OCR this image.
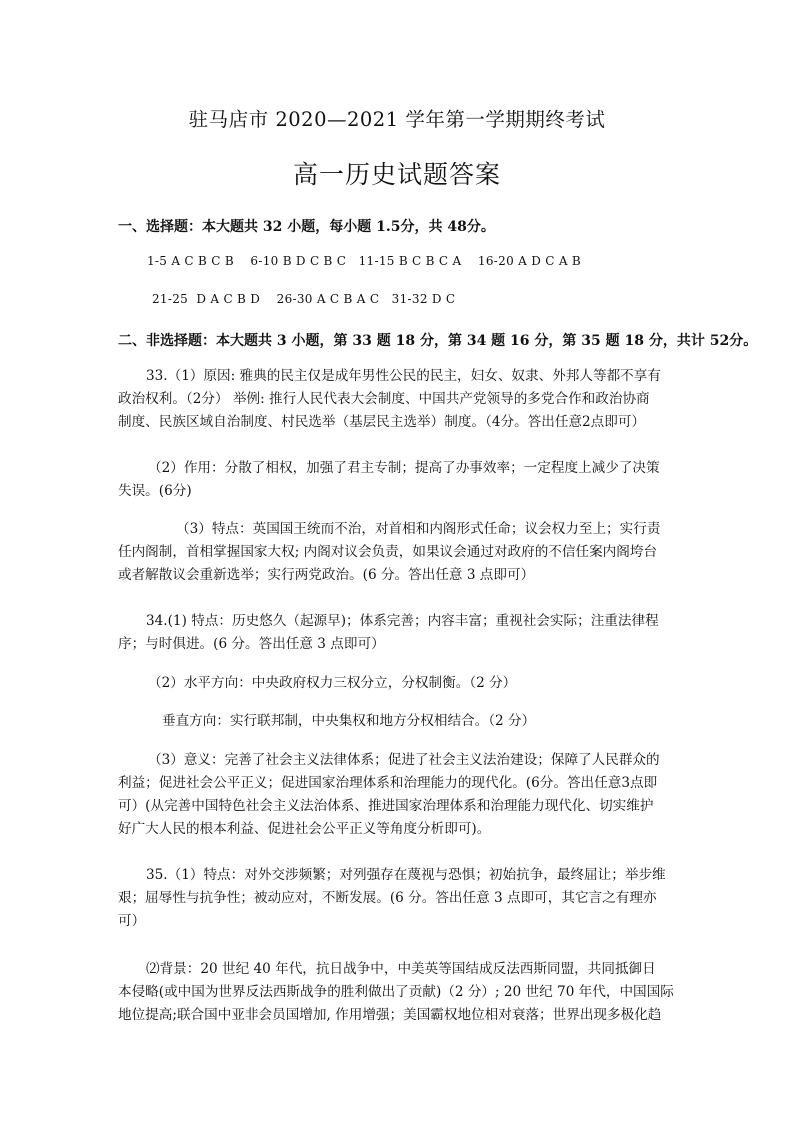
驻马店市 2020—2021 学年第一学期期终考试
高一历史试题答案
一、选择题：本大题共 32 小题，每小题 1.5分，共 48分。
1-5 A C B C B    6-10 B D C B C   11-15 B C B C A    16-20 A D C A B
21-25  D A C B D    26-30 A C B A C   31-32 D C
二、非选择题：本大题共 3 小题，第 33 题 18 分，第 34 题 16 分，第 35 题 18 分，共计 52分。
33.（1）原因: 雅典的民主仅是成年男性公民的民主，妇女、奴隶、外邦人等都不享有
政治权利。（2分） 举例: 推行人民代表大会制度、中国共产党领导的多党合作和政治协商
制度、民族区域自治制度、村民选举（基层民主选举）制度。（4分。答出任意2点即可）
（2）作用：分散了相权，加强了君主专制；提高了办事效率；一定程度上减少了决策
失误。(6分)
（3）特点：英国国王统而不治，对首相和内阁形式任命；议会权力至上；实行责
任内阁制，首相掌握国家大权; 内阁对议会负责，如果议会通过对政府的不信任案内阁垮台
或者解散议会重新选举；实行两党政治。(6 分。答出任意 3 点即可）
34.(1) 特点：历史悠久（起源早)；体系完善；内容丰富；重视社会实际；注重法律程
序；与时俱进。(6 分。答出任意 3 点即可）
（2）水平方向：中央政府权力三权分立，分权制衡。（2 分）
垂直方向：实行联邦制，中央集权和地方分权相结合。（2 分）
（3）意义：完善了社会主义法律体系；促进了社会主义法治建设；保障了人民群众的
利益；促进社会公平正义；促进国家治理体系和治理能力的现代化。(6分。答出任意3点即
可）(从完善中国特色社会主义法治体系、推进国家治理体系和治理能力现代化、切实维护
好广大人民的根本利益、促进社会公平正义等角度分析即可)。
35.（1）特点：对外交涉频繁；对列强存在蔑视与恐惧；初始抗争，最终屈让；举步维
艰；屈辱性与抗争性；被动应对，不断发展。(6 分。答出任意 3 点即可，其它言之有理亦
可）
⑵背景：20 世纪 40 年代，抗日战争中，中美英等国结成反法西斯同盟，共同抵御日
本侵略(或中国为世界反法西斯战争的胜利做出了贡献)（2 分）; 20 世纪 70 年代，中国国际
地位提高;联合国中亚非会员国增加, 作用增强；美国霸权地位相对衰落；世界出现多极化趋
